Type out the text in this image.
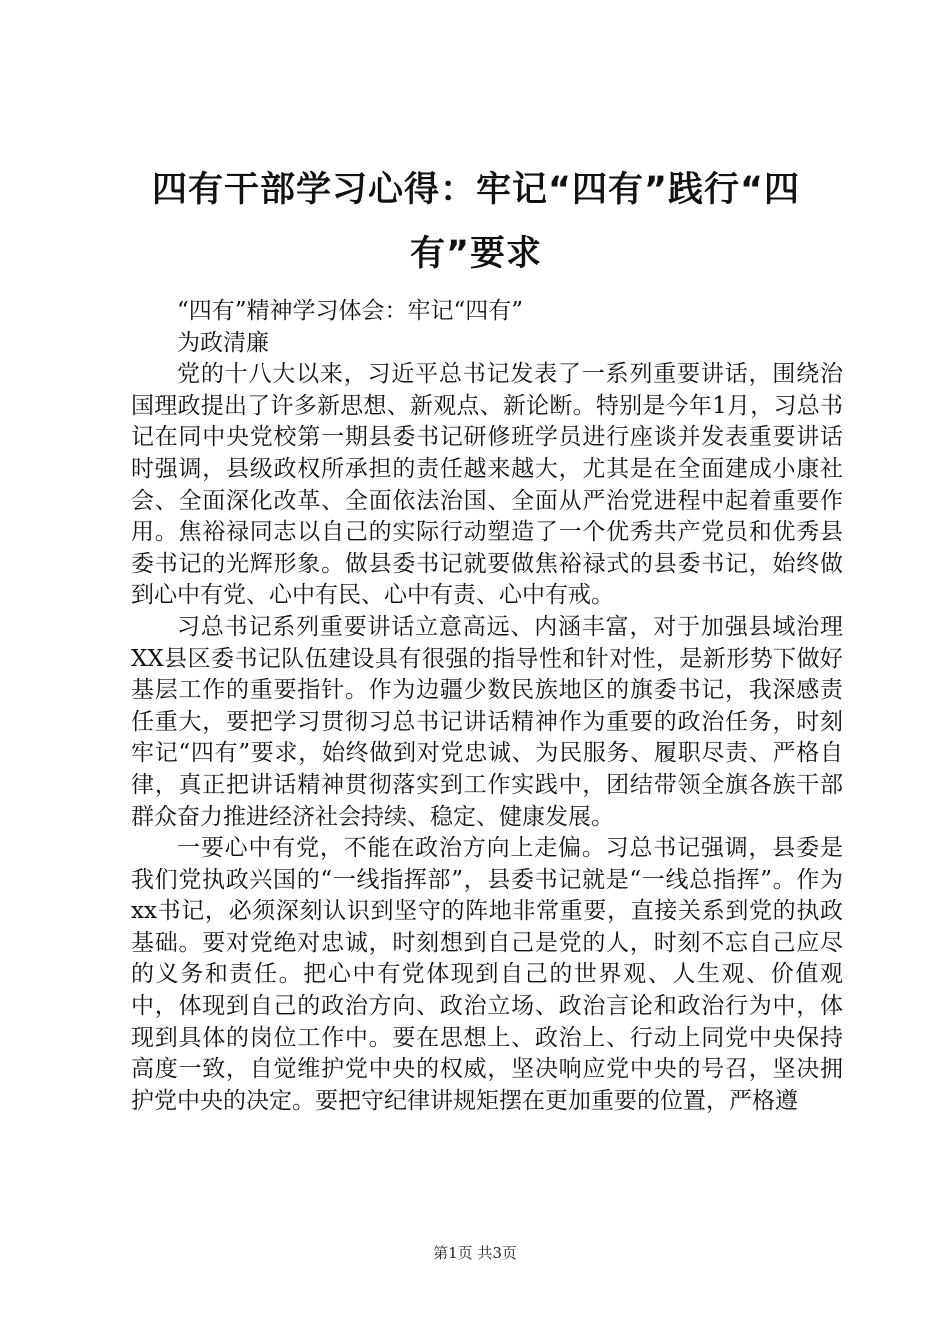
四有干部学习心得：牢记“四有”践行“四有”要求

“四有”精神学习体会：牢记“四有”

为政清廉

党的十八大以来，习近平总书记发表了一系列重要讲话，围绕治国理政提出了许多新思想、新观点、新论断。特别是今年1月，习总书记在同中央党校第一期县委书记研修班学员进行座谈并发表重要讲话时强调，县级政权所承担的责任越来越大，尤其是在全面建成小康社会、全面深化改革、全面依法治国、全面从严治党进程中起着重要作用。焦裕禄同志以自己的实际行动塑造了一个优秀共产党员和优秀县委书记的光辉形象。做县委书记就要做焦裕禄式的县委书记，始终做到心中有党、心中有民、心中有责、心中有戒。

习总书记系列重要讲话立意高远、内涵丰富，对于加强县域治理XX县区委书记队伍建设具有很强的指导性和针对性，是新形势下做好基层工作的重要指针。作为边疆少数民族地区的旗委书记，我深感责任重大，要把学习贯彻习总书记讲话精神作为重要的政治任务，时刻牢记“四有”要求，始终做到对党忠诚、为民服务、履职尽责、严格自律，真正把讲话精神贯彻落实到工作实践中，团结带领全旗各族干部群众奋力推进经济社会持续、稳定、健康发展。

一要心中有党，不能在政治方向上走偏。习总书记强调，县委是我们党执政兴国的“一线指挥部”，县委书记就是“一线总指挥”。作为xx书记，必须深刻认识到坚守的阵地非常重要，直接关系到党的执政基础。要对党绝对忠诚，时刻想到自己是党的人，时刻不忘自己应尽的义务和责任。把心中有党体现到自己的世界观、人生观、价值观中，体现到自己的政治方向、政治立场、政治言论和政治行为中，体现到具体的岗位工作中。要在思想上、政治上、行动上同党中央保持高度一致，自觉维护党中央的权威，坚决响应党中央的号召，坚决拥护党中央的决定。要把守纪律讲规矩摆在更加重要的位置，严格遵

第1页 共3页
